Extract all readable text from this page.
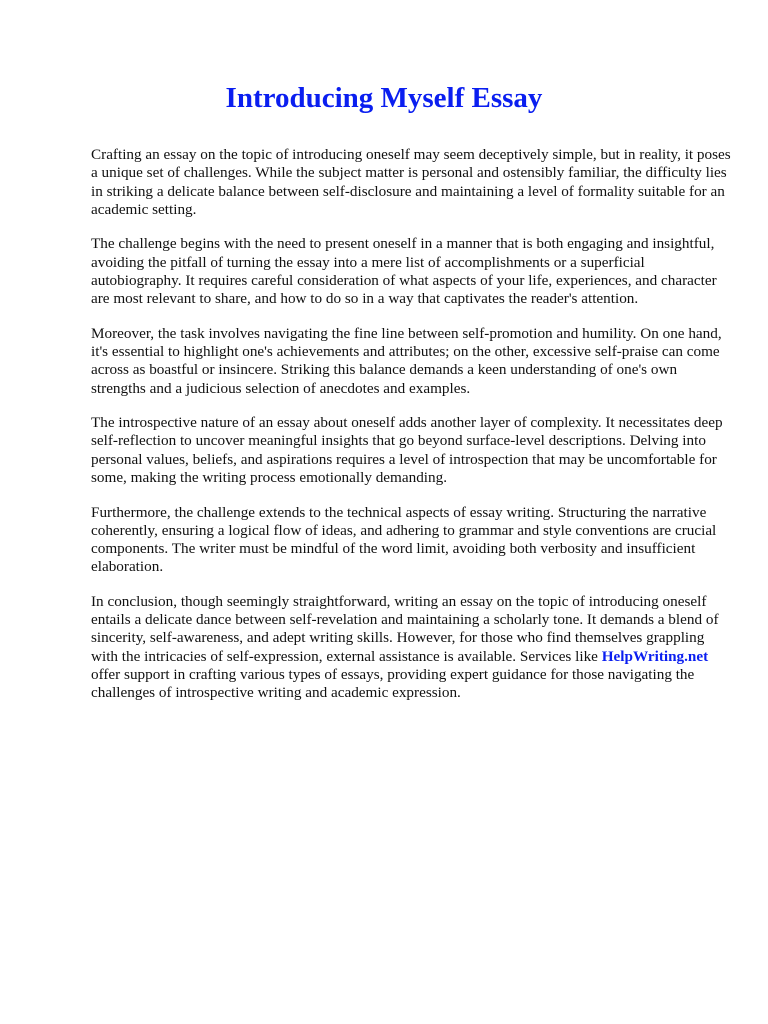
Introducing Myself Essay

Crafting an essay on the topic of introducing oneself may seem deceptively simple, but in reality, it poses a unique set of challenges. While the subject matter is personal and ostensibly familiar, the difficulty lies in striking a delicate balance between self-disclosure and maintaining a level of formality suitable for an academic setting.

The challenge begins with the need to present oneself in a manner that is both engaging and insightful, avoiding the pitfall of turning the essay into a mere list of accomplishments or a superficial autobiography. It requires careful consideration of what aspects of your life, experiences, and character are most relevant to share, and how to do so in a way that captivates the reader's attention.

Moreover, the task involves navigating the fine line between self-promotion and humility. On one hand, it's essential to highlight one's achievements and attributes; on the other, excessive self-praise can come across as boastful or insincere. Striking this balance demands a keen understanding of one's own strengths and a judicious selection of anecdotes and examples.

The introspective nature of an essay about oneself adds another layer of complexity. It necessitates deep self-reflection to uncover meaningful insights that go beyond surface-level descriptions. Delving into personal values, beliefs, and aspirations requires a level of introspection that may be uncomfortable for some, making the writing process emotionally demanding.

Furthermore, the challenge extends to the technical aspects of essay writing. Structuring the narrative coherently, ensuring a logical flow of ideas, and adhering to grammar and style conventions are crucial components. The writer must be mindful of the word limit, avoiding both verbosity and insufficient elaboration.

In conclusion, though seemingly straightforward, writing an essay on the topic of introducing oneself entails a delicate dance between self-revelation and maintaining a scholarly tone. It demands a blend of sincerity, self-awareness, and adept writing skills. However, for those who find themselves grappling with the intricacies of self-expression, external assistance is available. Services like HelpWriting.net offer support in crafting various types of essays, providing expert guidance for those navigating the challenges of introspective writing and academic expression.
